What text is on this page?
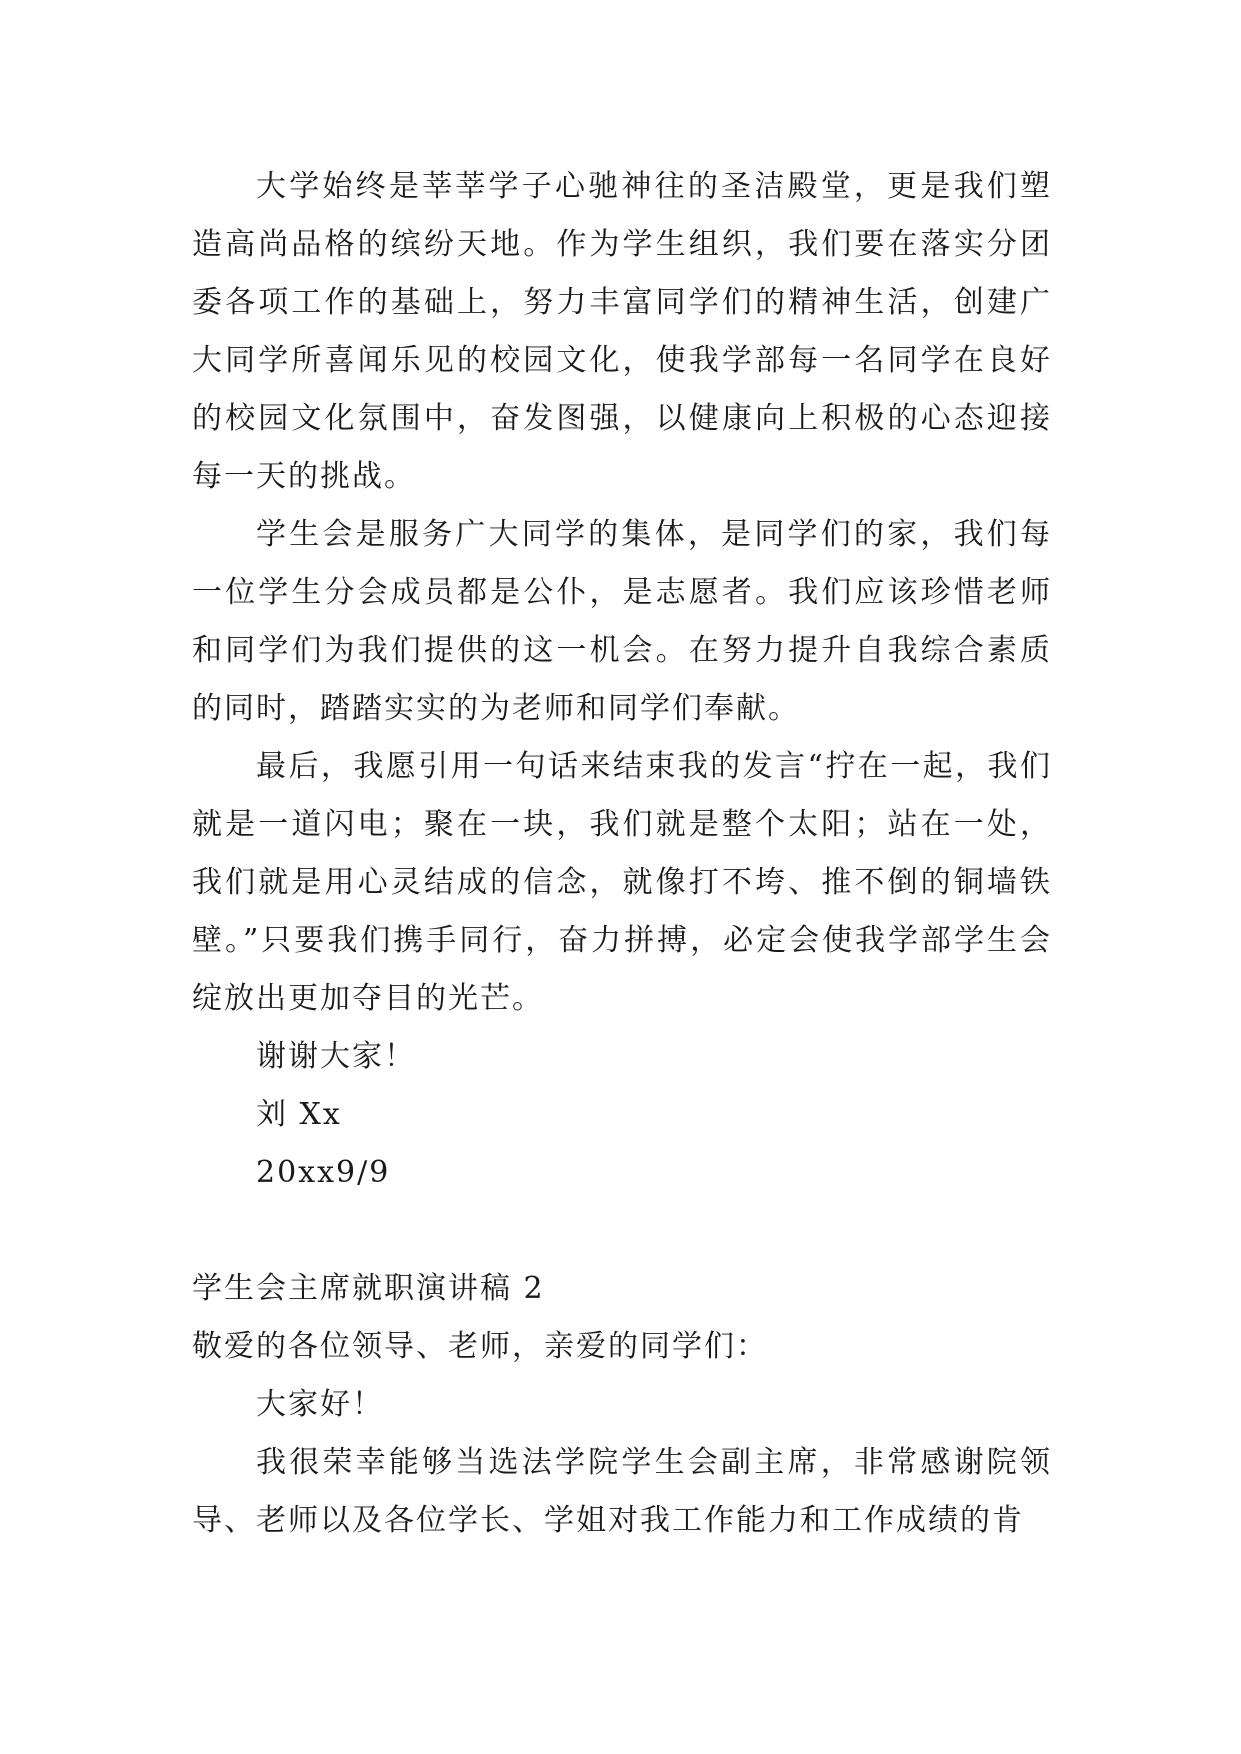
大学始终是莘莘学子心驰神往的圣洁殿堂，更是我们塑造高尚品格的缤纷天地。作为学生组织，我们要在落实分团委各项工作的基础上，努力丰富同学们的精神生活，创建广大同学所喜闻乐见的校园文化，使我学部每一名同学在良好的校园文化氛围中，奋发图强，以健康向上积极的心态迎接每一天的挑战。

学生会是服务广大同学的集体，是同学们的家，我们每一位学生分会成员都是公仆，是志愿者。我们应该珍惜老师和同学们为我们提供的这一机会。在努力提升自我综合素质的同时，踏踏实实的为老师和同学们奉献。

最后，我愿引用一句话来结束我的发言“拧在一起，我们就是一道闪电；聚在一块，我们就是整个太阳；站在一处，我们就是用心灵结成的信念，就像打不垮、推不倒的铜墙铁壁。”只要我们携手同行，奋力拼搏，必定会使我学部学生会绽放出更加夺目的光芒。

谢谢大家！

刘 Xx

20xx9/9

学生会主席就职演讲稿 2

敬爱的各位领导、老师，亲爱的同学们：

大家好！

我很荣幸能够当选法学院学生会副主席，非常感谢院领导、老师以及各位学长、学姐对我工作能力和工作成绩的肯
